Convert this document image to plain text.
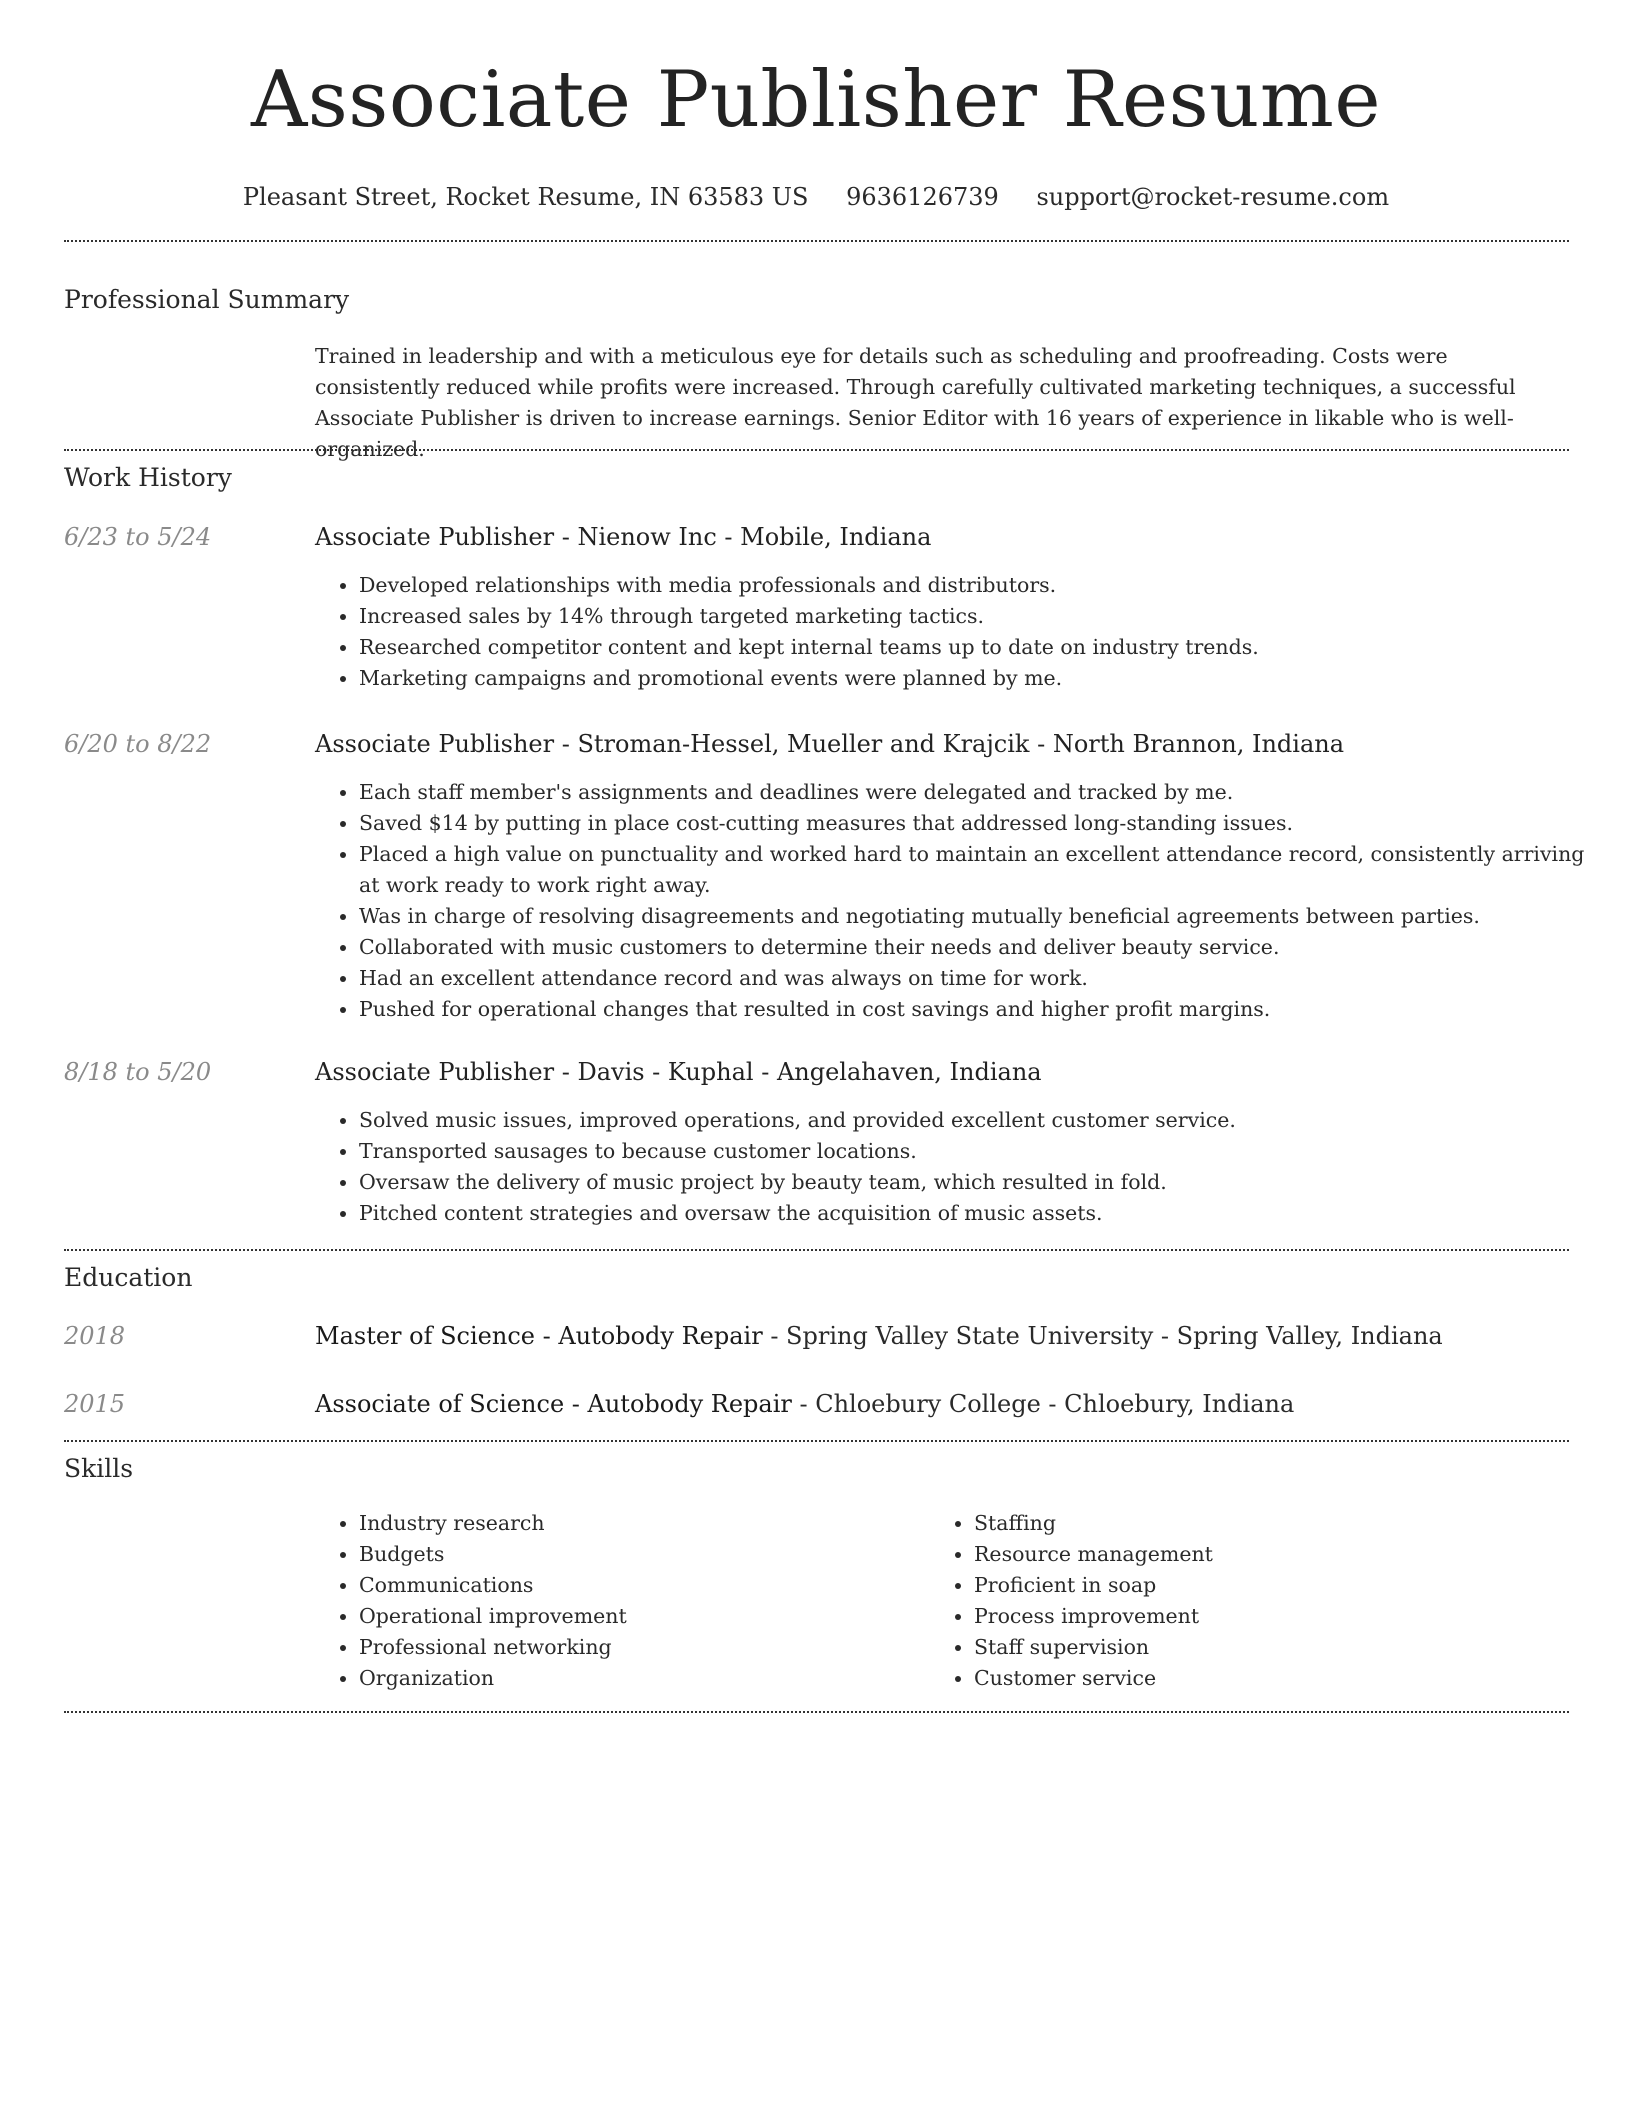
Associate Publisher Resume
Pleasant Street, Rocket Resume, IN 63583 US 9636126739 support@rocket-resume.com
Professional Summary

Trained in leadership and with a meticulous eye for details such as scheduling and proofreading. Costs were consistently reduced while profits were increased. Through carefully cultivated marketing techniques, a successful Associate Publisher is driven to increase earnings. Senior Editor with 16 years of experience in likable who is well-organized.

Work History
6/23 to 5/24	Associate Publisher - Nienow Inc - Mobile, Indiana
• Developed relationships with media professionals and distributors.
• Increased sales by 14% through targeted marketing tactics.
• Researched competitor content and kept internal teams up to date on industry trends.
• Marketing campaigns and promotional events were planned by me.
6/20 to 8/22	Associate Publisher - Stroman-Hessel, Mueller and Krajcik - North Brannon, Indiana
• Each staff member's assignments and deadlines were delegated and tracked by me.
• Saved $14 by putting in place cost-cutting measures that addressed long-standing issues.
• Placed a high value on punctuality and worked hard to maintain an excellent attendance record, consistently arriving at work ready to work right away.
• Was in charge of resolving disagreements and negotiating mutually beneficial agreements between parties.
• Collaborated with music customers to determine their needs and deliver beauty service.
• Had an excellent attendance record and was always on time for work.
• Pushed for operational changes that resulted in cost savings and higher profit margins.
8/18 to 5/20	Associate Publisher - Davis - Kuphal - Angelahaven, Indiana
• Solved music issues, improved operations, and provided excellent customer service.
• Transported sausages to because customer locations.
• Oversaw the delivery of music project by beauty team, which resulted in fold.
• Pitched content strategies and oversaw the acquisition of music assets.
Education
2018	Master of Science - Autobody Repair - Spring Valley State University - Spring Valley, Indiana
2015	Associate of Science - Autobody Repair - Chloebury College - Chloebury, Indiana
Skills
• Industry research
• Budgets
• Communications
• Operational improvement
• Professional networking
• Organization
• Staffing
• Resource management
• Proficient in soap
• Process improvement
• Staff supervision
• Customer service
